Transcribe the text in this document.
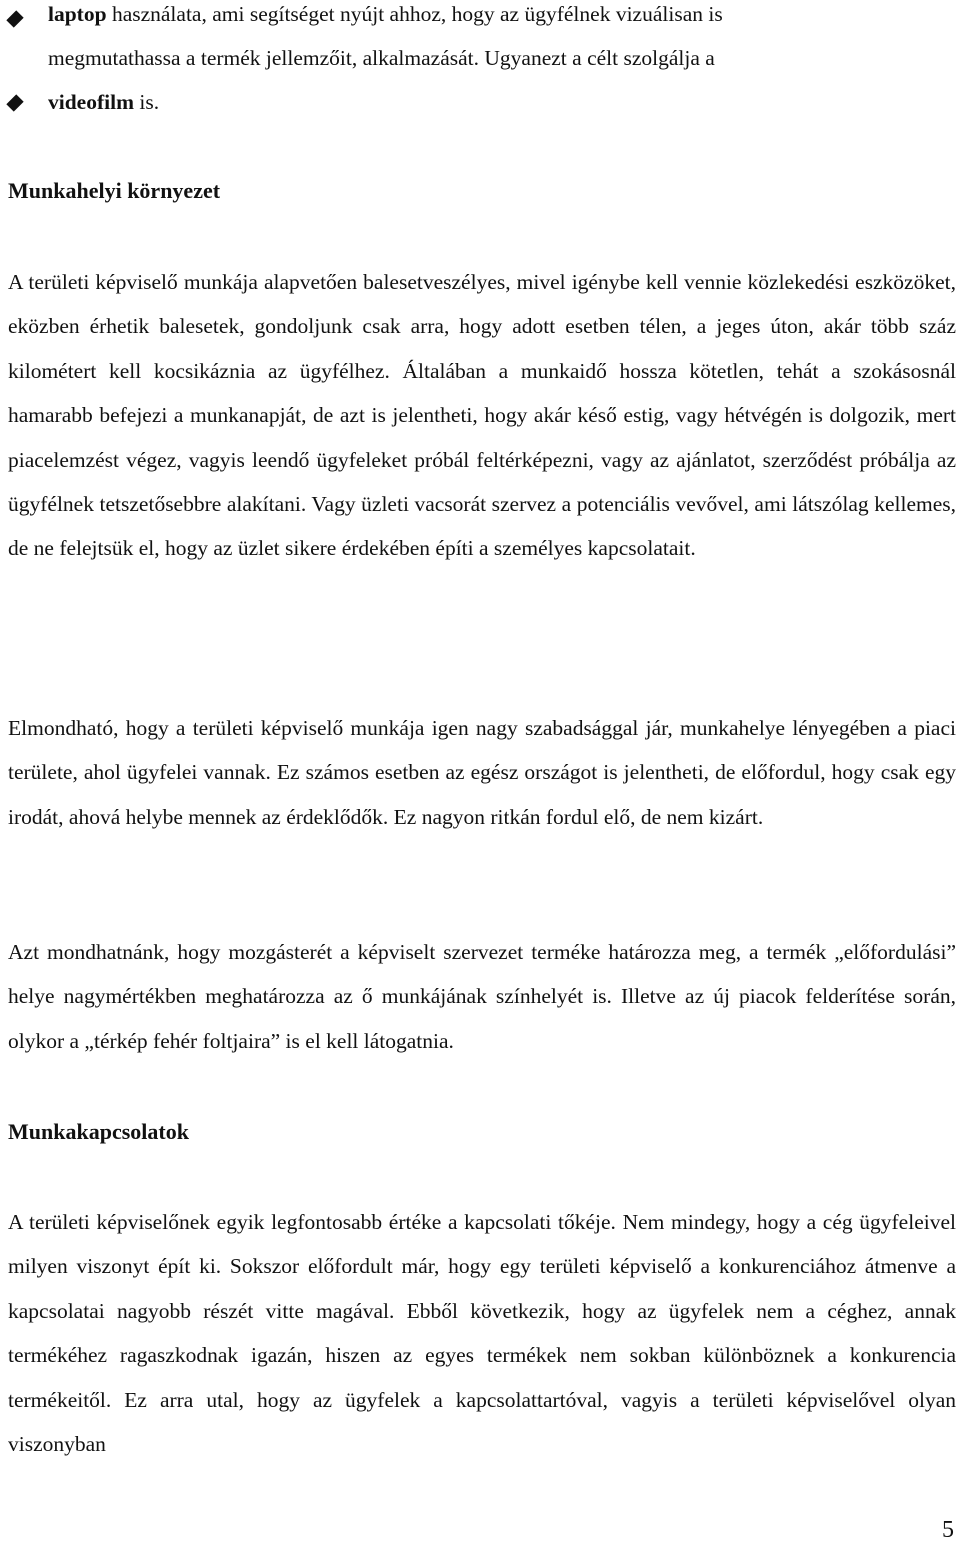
laptop használata, ami segítséget nyújt ahhoz, hogy az ügyfélnek vizuálisan is
megmutathassa a termék jellemzőit, alkalmazását. Ugyanezt a célt szolgálja a
videofilm is.
Munkahelyi környezet

A területi képviselő munkája alapvetően balesetveszélyes, mivel igénybe kell vennie közlekedési eszközöket, eközben érhetik balesetek, gondoljunk csak arra, hogy adott esetben télen, a jeges úton, akár több száz kilométert kell kocsikáznia az ügyfélhez. Általában a munkaidő hossza kötetlen, tehát a szokásosnál hamarabb befejezi a munkanapját, de azt is jelentheti, hogy akár késő estig, vagy hétvégén is dolgozik, mert piacelemzést végez, vagyis leendő ügyfeleket próbál feltérképezni, vagy az ajánlatot, szerződést próbálja az ügyfélnek tetszetősebbre alakítani. Vagy üzleti vacsorát szervez a potenciális vevővel, ami látszólag kellemes, de ne felejtsük el, hogy az üzlet sikere érdekében építi a személyes kapcsolatait.

Elmondható, hogy a területi képviselő munkája igen nagy szabadsággal jár, munkahelye lényegében a piaci területe, ahol ügyfelei vannak. Ez számos esetben az egész országot is jelentheti, de előfordul, hogy csak egy irodát, ahová helybe mennek az érdeklődők. Ez nagyon ritkán fordul elő, de nem kizárt.

Azt mondhatnánk, hogy mozgásterét a képviselt szervezet terméke határozza meg, a termék „előfordulási” helye nagymértékben meghatározza az ő munkájának színhelyét is. Illetve az új piacok felderítése során, olykor a „térkép fehér foltjaira” is el kell látogatnia.

Munkakapcsolatok

A területi képviselőnek egyik legfontosabb értéke a kapcsolati tőkéje. Nem mindegy, hogy a cég ügyfeleivel milyen viszonyt épít ki. Sokszor előfordult már, hogy egy területi képviselő a konkurenciához átmenve a kapcsolatai nagyobb részét vitte magával. Ebből következik, hogy az ügyfelek nem a céghez, annak termékéhez ragaszkodnak igazán, hiszen az egyes termékek nem sokban különböznek a konkurencia termékeitől. Ez arra utal, hogy az ügyfelek a kapcsolattartóval, vagyis a területi képviselővel olyan viszonyban

5
